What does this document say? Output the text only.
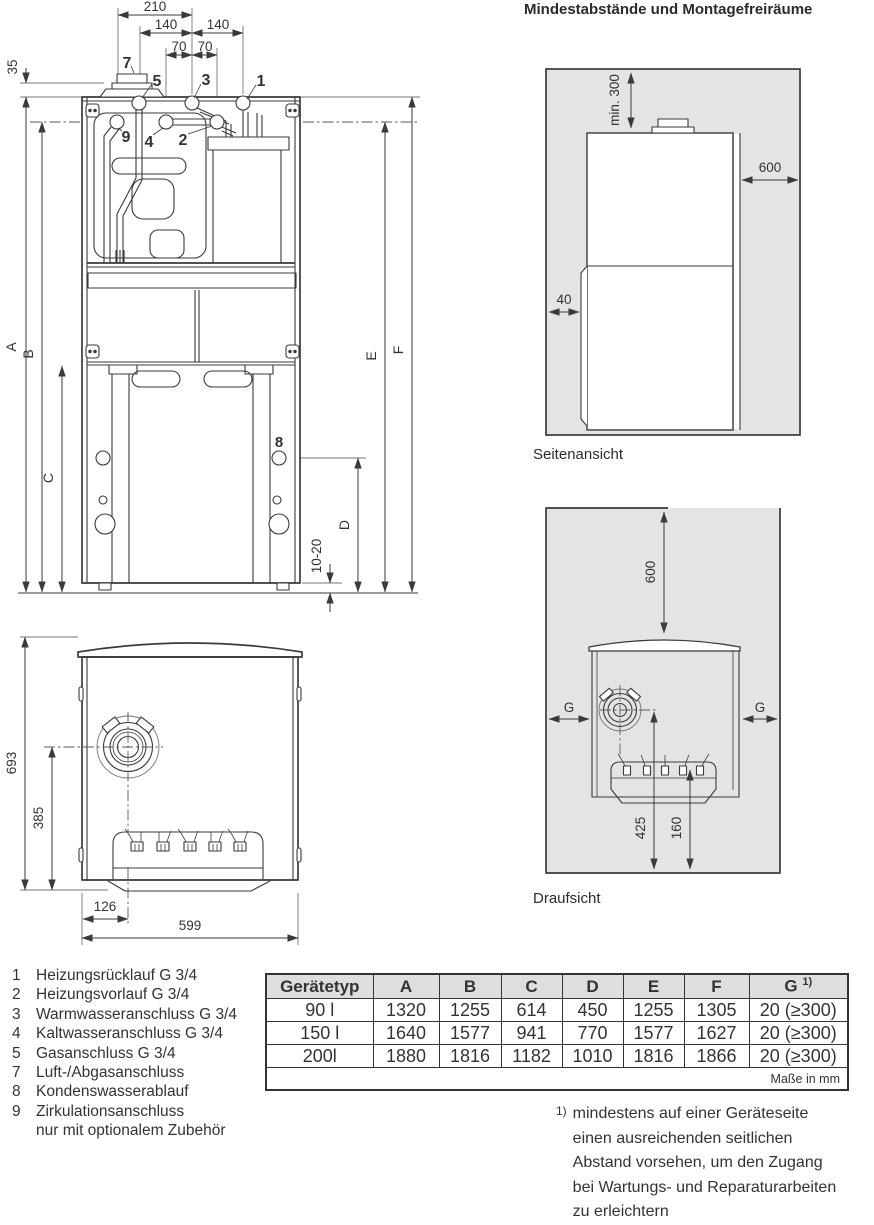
7
5	3	1
9 4 2
8
210
140 140
70 70
35
A
B
C
D
E
F
10-20
min. 300
600
40
600
G	G
425 160
693
385
126
599
Mindestabstände und Montagefreiräume
Seitenansicht
Draufsicht
1 Heizungsrücklauf G 3/4
2 Heizungsvorlauf G 3/4
3 Warmwasseranschluss G 3/4
4 Kaltwasseranschluss G 3/4
5 Gasanschluss G 3/4
7 Luft-/Abgasanschluss
8 Kondenswasserablauf
9 Zirkulationsanschluss
nur mit optionalem Zubehör
Gerätetyp	A	B	C	D	E	F	G $^{1)}$
90 l	1320	1255	614	450	1255	1305	20 (≥300)
150 l	1640	1577	941	770	1577	1627	20 (≥300)
200l	1880	1816	1182	1010	1816	1866	20 (≥300)
Maße in mm							
1) mindestens auf einer Geräteseite
einen ausreichenden seitlichen
Abstand vorsehen, um den Zugang
bei Wartungs- und Reparaturarbeiten
zu erleichtern
